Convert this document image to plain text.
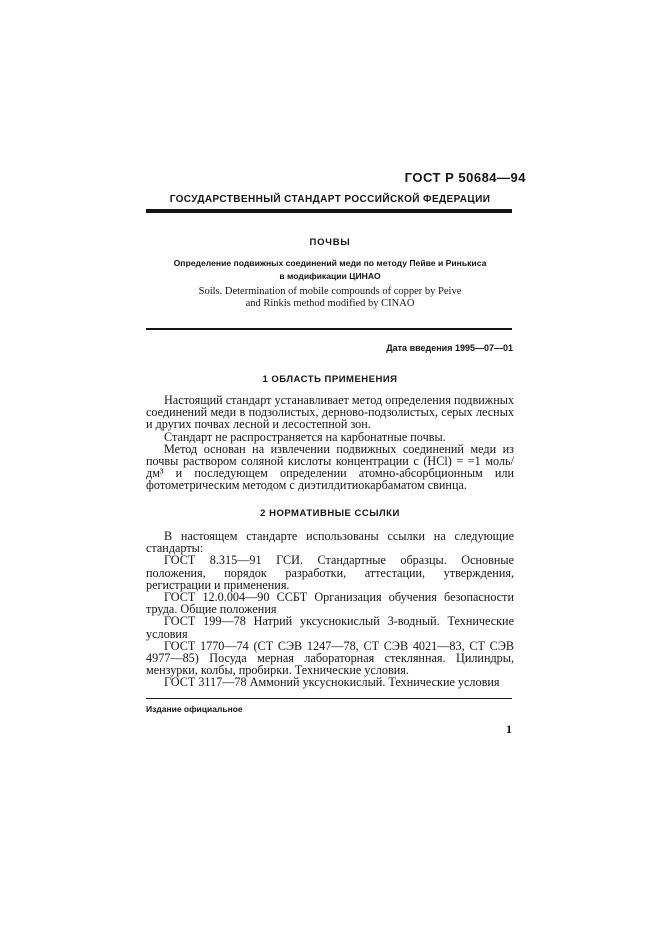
ГОСТ Р 50684—94
ГОСУДАРСТВЕННЫЙ СТАНДАРТ РОССИЙСКОЙ ФЕДЕРАЦИИ
ПОЧВЫ
Определение подвижных соединений меди по методу Пейве и Ринькиса
в модификации ЦИНАО
Soils. Determination of mobile compounds of copper by Peive
and Rinkis method modified by CINAO
Дата введения 1995—07—01
1 ОБЛАСТЬ ПРИМЕНЕНИЯ

Настоящий стандарт устанавливает метод определения подвижных соединений меди в подзолистых, дерново-подзолистых, серых лесных и других почвах лесной и лесостепной зон.

Стандарт не распространяется на карбонатные почвы.

Метод основан на извлечении подвижных соединений меди из почвы раствором соляной кислоты концентрации c (HCl) = =1 моль/дм³ и последующем определении атомно-абсорбционным или фотометрическим методом с диэтилдитиокарбаматом свинца.

2 НОРМАТИВНЫЕ ССЫЛКИ

В настоящем стандарте использованы ссылки на следующие стандарты:

ГОСТ 8.315—91 ГСИ. Стандартные образцы. Основные положения, порядок разработки, аттестации, утверждения, регистрации и применения.

ГОСТ 12.0.004—90 ССБТ Организация обучения безопасности труда. Общие положения

ГОСТ 199—78 Натрий уксуснокислый 3-водный. Технические условия

ГОСТ 1770—74 (СТ СЭВ 1247—78, СТ СЭВ 4021—83, СТ СЭВ 4977—85) Посуда мерная лабораторная стеклянная. Цилиндры, мензурки, колбы, пробирки. Технические условия.

ГОСТ 3117—78 Аммоний уксуснокислый. Технические условия

Издание официальное
1
